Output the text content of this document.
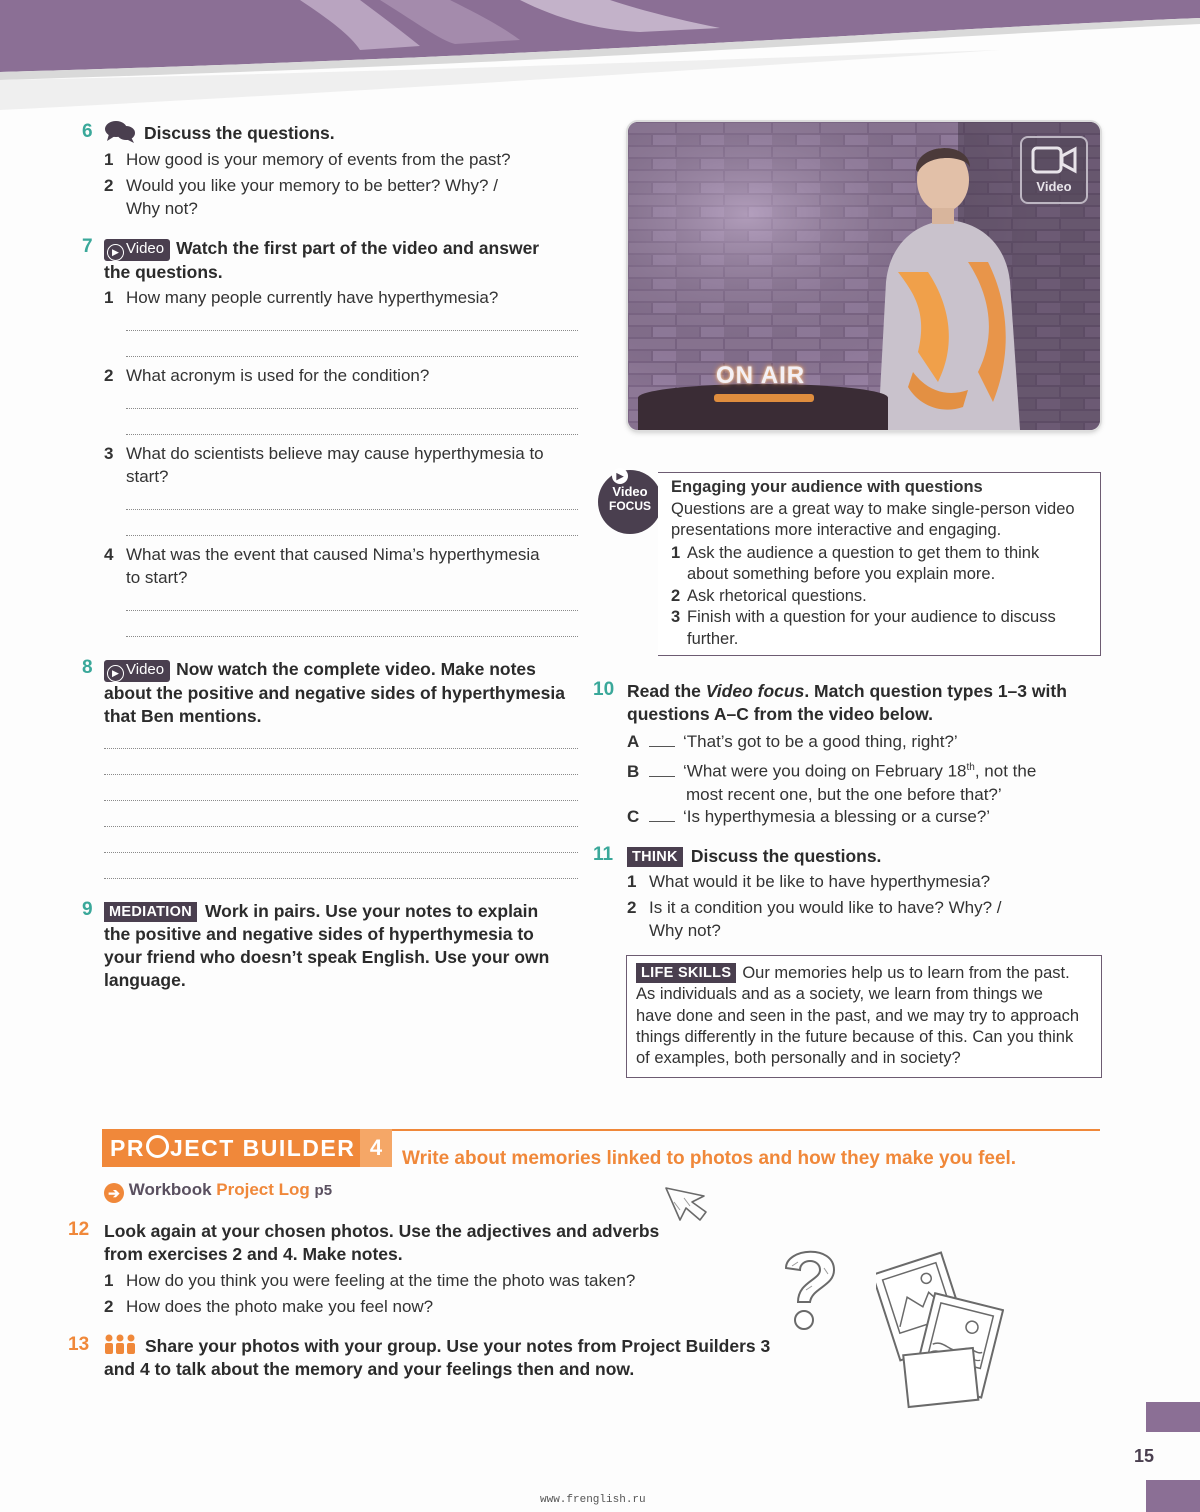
6	Discuss the questions.
1 How good is your memory of events from the past?
2 Would you like your memory to be better? Why? /
Why not?
7	▶ Video Watch the first part of the video and answer
the questions.
1 How many people currently have hyperthymesia?
2 What acronym is used for the condition?
3 What do scientists believe may cause hyperthymesia to
start?
4 What was the event that caused Nima’s hyperthymesia
to start?
8	▶ Video Now watch the complete video. Make notes
about the positive and negative sides of hyperthymesia
that Ben mentions.
9	MEDIATION Work in pairs. Use your notes to explain
the positive and negative sides of hyperthymesia to
your friend who doesn’t speak English. Use your own
language.
ON AIR
Video
▶
Video
FOCUS
Engaging your audience with questions
Questions are a great way to make single-person video
presentations more interactive and engaging.
1 Ask the audience a question to get them to think
about something before you explain more.
2 Ask rhetorical questions.
3 Finish with a question for your audience to discuss
further.
10 Read the Video focus. Match question types 1–3 with
questions A–C from the video below.
A	‘That’s got to be a good thing, right?’
B	‘What were you doing on February 18th, not the
most recent one, but the one before that?’
C	‘Is hyperthymesia a blessing or a curse?’
11	THINK Discuss the questions.
1 What would it be like to have hyperthymesia?
2 Is it a condition you would like to have? Why? /
Why not?
LIFE SKILLS Our memories help us to learn from the past.
As individuals and as a society, we learn from things we
have done and seen in the past, and we may try to approach
things differently in the future because of this. Can you think
of examples, both personally and in society?
PR JECT BUILDER 4	Write about memories linked to photos and how they make you feel.
➔ Workbook Project Log p5
12 Look again at your chosen photos. Use the adjectives and adverbs
from exercises 2 and 4. Make notes.
1 How do you think you were feeling at the time the photo was taken?
2 How does the photo make you feel now?
13	Share your photos with your group. Use your notes from Project Builders 3
and 4 to talk about the memory and your feelings then and now.
15
www.frenglish.ru
